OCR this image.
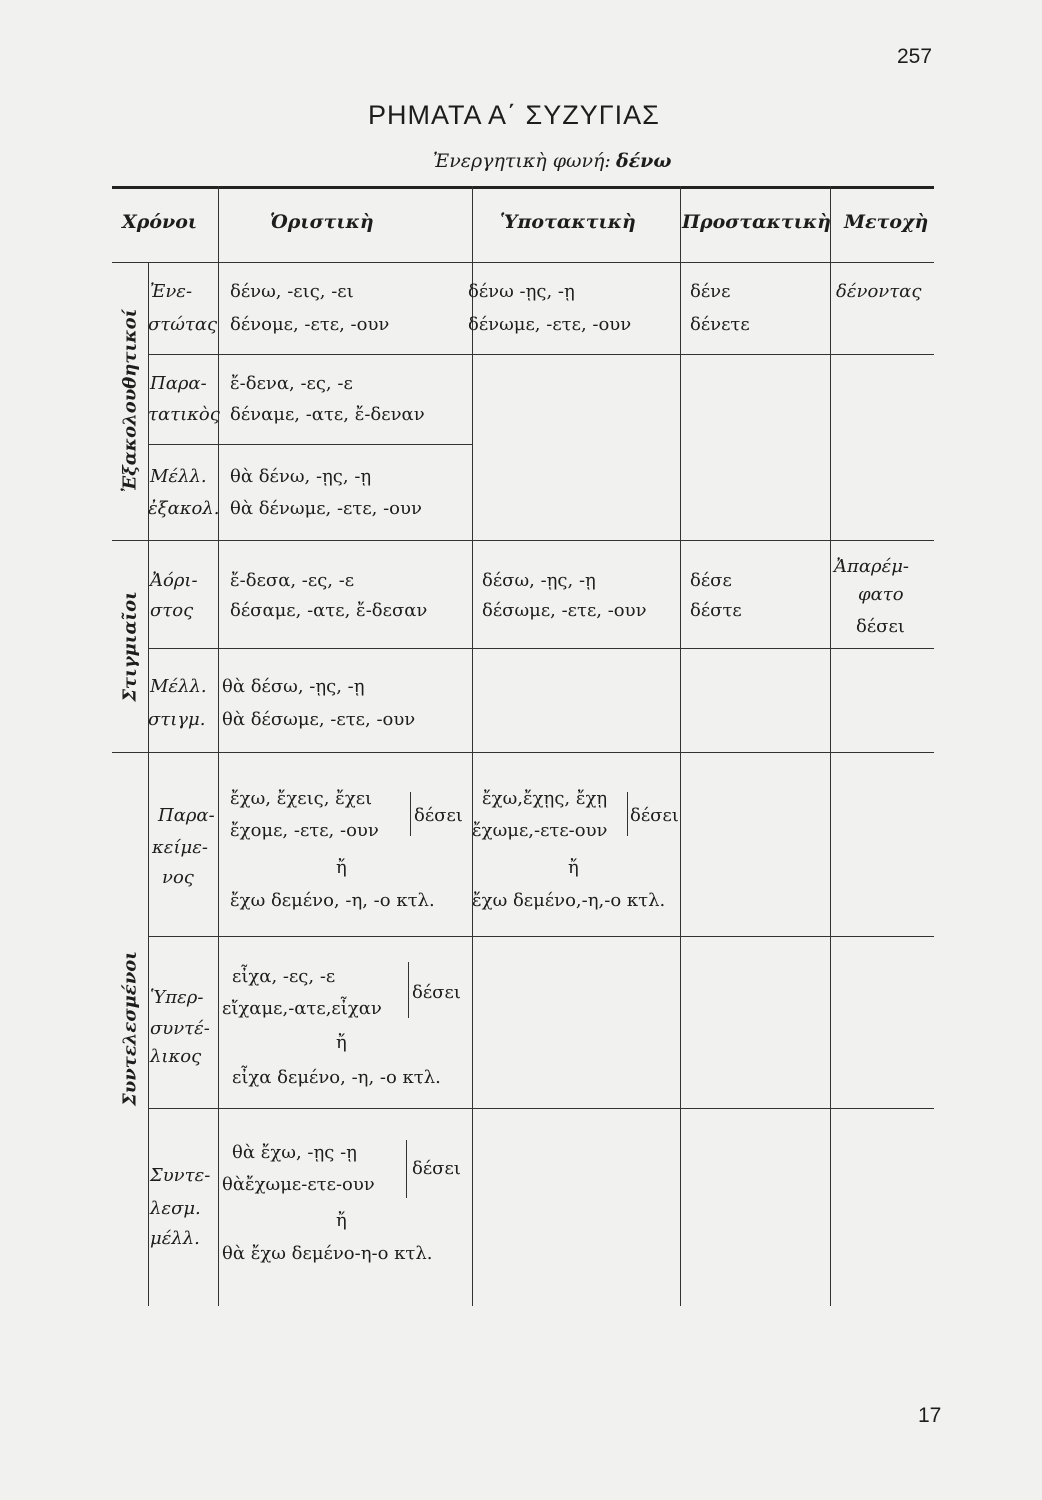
257
ΡΗΜΑΤΑ Α΄ ΣΥΖΥΓΙΑΣ
Ἐνεργητικὴ φωνή: δένω
Χρόνοι	Ὁριστικὴ	Ὑποτακτικὴ Προστακτικὴ Μετοχὴ
Ἐξακολουθητικοί
Στιγμιαῖοι
Συντελεσμένοι
Ἐνε-
στώτας
δένω, -εις, -ει
δένομε, -ετε, -ουν
δένω -ῃς, -ῃ
δένωμε, -ετε, -ουν
δένε
δένετε
δένοντας
Παρα-
τατικὸς
ἔ-δενα, -ες, -ε
δέναμε, -ατε, ἔ-δεναν
Μέλλ.
ἐξακολ.
θὰ δένω, -ῃς, -ῃ
θὰ δένωμε, -ετε, -ουν
Ἀόρι-
στος
ἔ-δεσα, -ες, -ε
δέσαμε, -ατε, ἔ-δεσαν
δέσω, -ῃς, -ῃ
δέσωμε, -ετε, -ουν
δέσε
δέστε
Ἀπαρέμ-
φατο
δέσει
Μέλλ.
στιγμ.
θὰ δέσω, -ῃς, -ῃ
θὰ δέσωμε, -ετε, -ουν
Παρα-
κείμε-
νος
ἔχω, ἔχεις, ἔχει
ἔχομε, -ετε, -ουν
δέσει
ἤ
ἔχω δεμένο, -η, -ο κτλ.
ἔχω,ἔχῃς, ἔχῃ
ἔχωμε,-ετε-ουν
δέσει
ἤ
ἔχω δεμένο,-η,-ο κτλ.
Ὑπερ-
συντέ-
λικος
εἶχα, -ες, -ε
εἴχαμε,-ατε,εἶχαν
δέσει
ἤ
εἶχα δεμένο, -η, -ο κτλ.
Συντε-
λεσμ.
μέλλ.
θὰ ἔχω, -ῃς -ῃ
θὰἔχωμε-ετε-ουν
δέσει
ἤ
θὰ ἔχω δεμένο-η-ο κτλ.
17
